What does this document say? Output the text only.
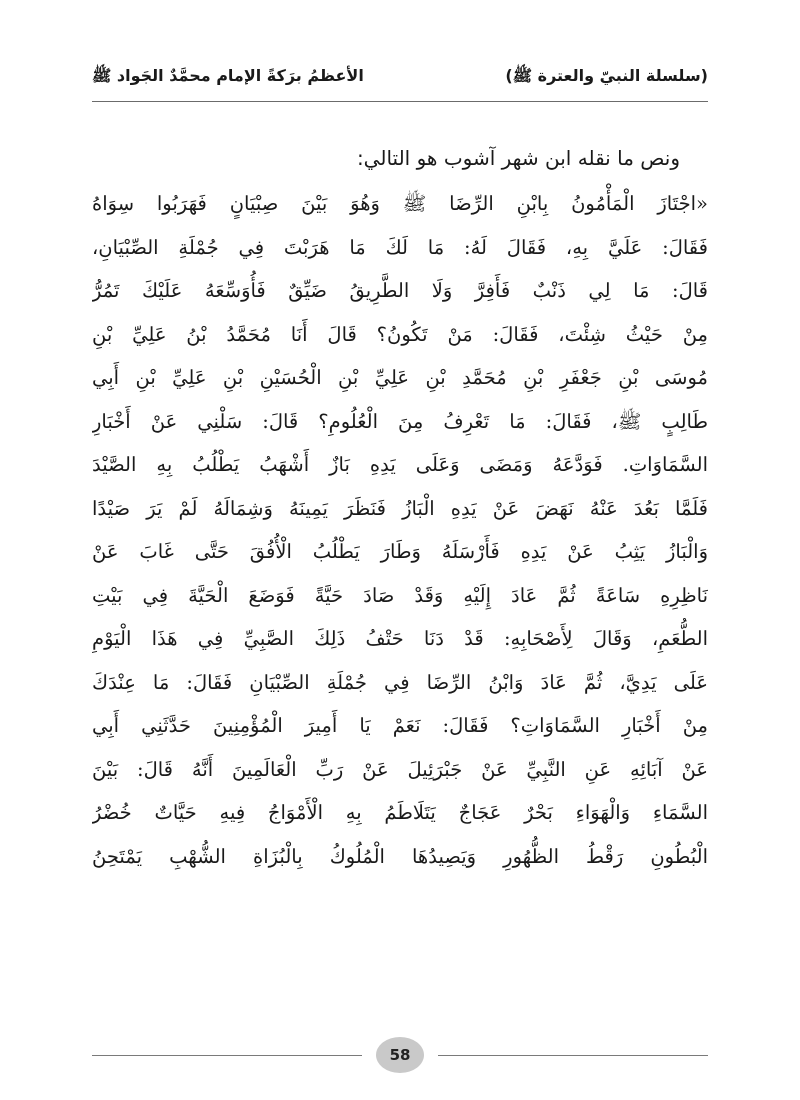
(سلسلة النبيّ والعترة ﷺ)
الأعظمُ برَكةً الإمام محمَّدٌ الجَواد ﷺ
ونص ما نقله ابن شهر آشوب هو التالي:
«اجْتَازَ الْمَأْمُونُ بِابْنِ الرِّضَا ﷺ وَهُوَ بَيْنَ صِبْيَانٍ فَهَرَبُوا سِوَاهُ
فَقَالَ: عَلَيَّ بِهِ، فَقَالَ لَهُ: مَا لَكَ مَا هَرَبْتَ فِي جُمْلَةِ الصِّبْيَانِ،
قَالَ: مَا لِي ذَنْبٌ فَأَفِرَّ وَلَا الطَّرِيقُ ضَيِّقٌ فَأُوَسِّعَهُ عَلَيْكَ تَمُرُّ
مِنْ حَيْثُ شِئْتَ، فَقَالَ: مَنْ تَكُونُ؟ قَالَ أَنَا مُحَمَّدُ بْنُ عَلِيِّ بْنِ
مُوسَى بْنِ جَعْفَرِ بْنِ مُحَمَّدِ بْنِ عَلِيِّ بْنِ الْحُسَيْنِ بْنِ عَلِيِّ بْنِ أَبِي
طَالِبٍ ﷺ، فَقَالَ: مَا تَعْرِفُ مِنَ الْعُلُومِ؟ قَالَ: سَلْنِي عَنْ أَخْبَارِ
السَّمَاوَاتِ. فَوَدَّعَهُ وَمَضَى وَعَلَى يَدِهِ بَازٌ أَشْهَبُ يَطْلُبُ بِهِ الصَّيْدَ
فَلَمَّا بَعُدَ عَنْهُ نَهَضَ عَنْ يَدِهِ الْبَازُ فَنَظَرَ يَمِينَهُ وَشِمَالَهُ لَمْ يَرَ صَيْدًا
وَالْبَازُ يَثِبُ عَنْ يَدِهِ فَأَرْسَلَهُ وَطَارَ يَطْلُبُ الْأُفُقَ حَتَّى غَابَ عَنْ
نَاظِرِهِ سَاعَةً ثُمَّ عَادَ إِلَيْهِ وَقَدْ صَادَ حَيَّةً فَوَضَعَ الْحَيَّةَ فِي بَيْتِ
الطُّعَمِ، وَقَالَ لِأَصْحَابِهِ: قَدْ دَنَا حَتْفُ ذَلِكَ الصَّبِيِّ فِي هَذَا الْيَوْمِ
عَلَى يَدِيَّ، ثُمَّ عَادَ وَابْنُ الرِّضَا فِي جُمْلَةِ الصِّبْيَانِ فَقَالَ: مَا عِنْدَكَ
مِنْ أَخْبَارِ السَّمَاوَاتِ؟ فَقَالَ: نَعَمْ يَا أَمِيرَ الْمُؤْمِنِينَ حَدَّثَنِي أَبِي
عَنْ آبَائِهِ عَنِ النَّبِيِّ عَنْ جَبْرَئِيلَ عَنْ رَبِّ الْعَالَمِينَ أَنَّهُ قَالَ: بَيْنَ
السَّمَاءِ وَالْهَوَاءِ بَحْرٌ عَجَاجٌ يَتَلَاطَمُ بِهِ الْأَمْوَاجُ فِيهِ حَيَّاتٌ خُضْرُ
الْبُطُونِ رَقْطُ الظُّهُورِ وَيَصِيدُهَا الْمُلُوكُ بِالْبُزَاةِ الشُّهْبِ يَمْتَحِنُ
58
